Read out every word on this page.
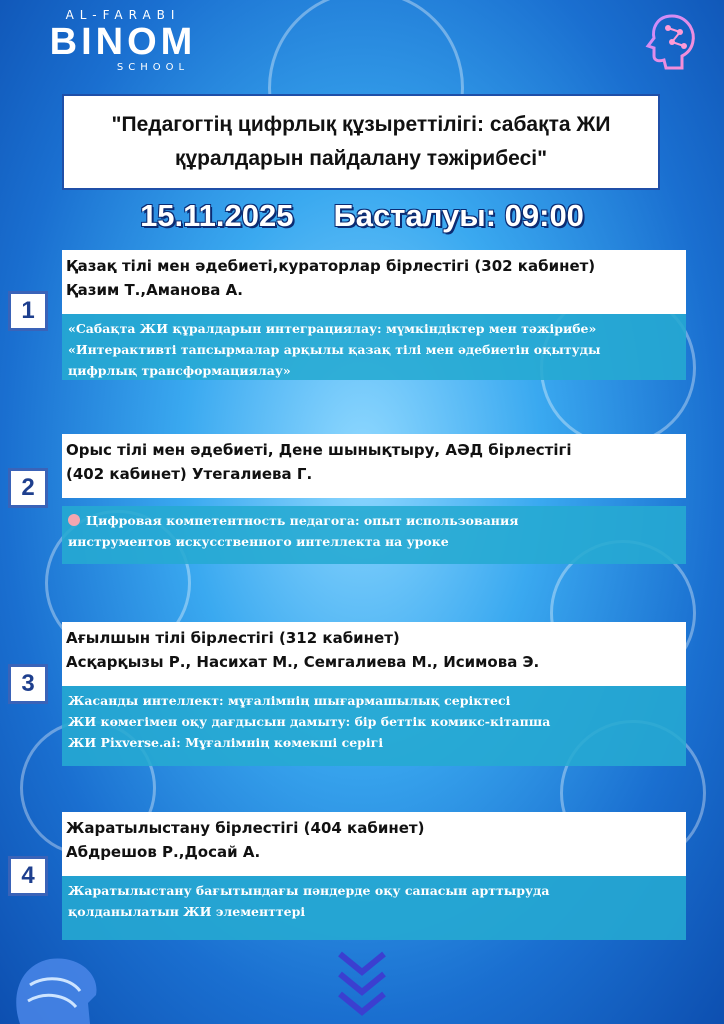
AL-FARABI
BINOM
SCHOOL
"Педагогтің цифрлық құзыреттілігі: сабақта ЖИ
құралдарын пайдалану тәжірибесі"
15.11.2025 Басталуы: 09:00
1
Қазақ тілі мен әдебиеті,кураторлар бірлестігі (302 кабинет)
Қазим Т.,Аманова А.
«Сабақта ЖИ құралдарын интеграциялау: мүмкіндіктер мен тәжірибе»
«Интерактивті тапсырмалар арқылы қазақ тілі мен әдебиетін оқытуды
цифрлық трансформациялау»
2
Орыс тілі мен әдебиеті, Дене шынықтыру, АӘД бірлестігі
(402 кабинет) Утегалиева Г.
Цифровая компетентность педагога: опыт использования
инструментов искусственного интеллекта на уроке
3
Ағылшын тілі бірлестігі (312 кабинет)
Асқарқызы Р., Насихат М., Семгалиева М., Исимова Э.
Жасанды интеллект: мұғалімнің шығармашылық серіктесі
ЖИ көмегімен оқу дағдысын дамыту: бір беттік комикс-кітапша
ЖИ Pixverse.ai: Мұғалімнің көмекші серігі
4
Жаратылыстану бірлестігі (404 кабинет)
Абдрешов Р.,Досай А.
Жаратылыстану бағытындағы пәндерде оқу сапасын арттыруда
қолданылатын ЖИ элементтері
